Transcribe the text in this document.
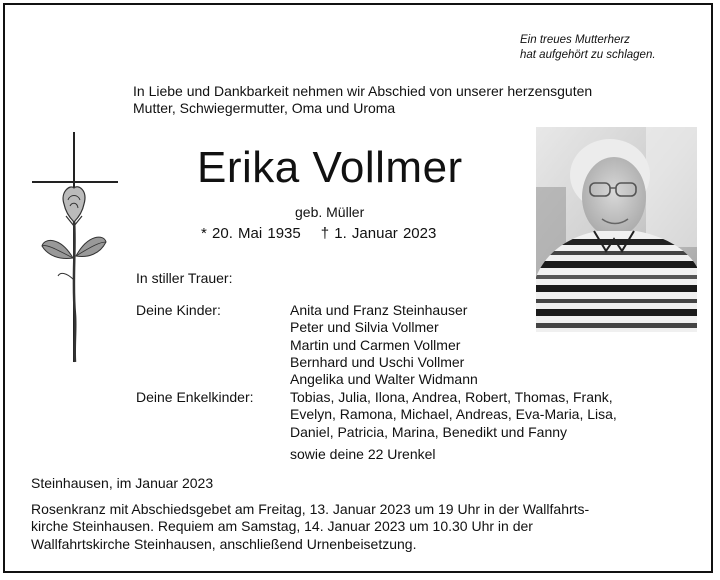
Ein treues Mutterherz
hat aufgehört zu schlagen.
In Liebe und Dankbarkeit nehmen wir Abschied von unserer herzensguten
Mutter, Schwiegermutter, Oma und Uroma
Erika Vollmer
geb. Müller
* 20. Mai 1935 † 1. Januar 2023
In stiller Trauer:
Deine Kinder:	Anita und Franz Steinhauser
Peter und Silvia Vollmer
Martin und Carmen Vollmer
Bernhard und Uschi Vollmer
Angelika und Walter Widmann
Deine Enkelkinder:	Tobias, Julia, Ilona, Andrea, Robert, Thomas, Frank,
Evelyn, Ramona, Michael, Andreas, Eva-Maria, Lisa,
Daniel, Patricia, Marina, Benedikt und Fanny
sowie deine 22 Urenkel
Steinhausen, im Januar 2023
Rosenkranz mit Abschiedsgebet am Freitag, 13. Januar 2023 um 19 Uhr in der Wallfahrts-
kirche Steinhausen. Requiem am Samstag, 14. Januar 2023 um 10.30 Uhr in der
Wallfahrtskirche Steinhausen, anschließend Urnenbeisetzung.
